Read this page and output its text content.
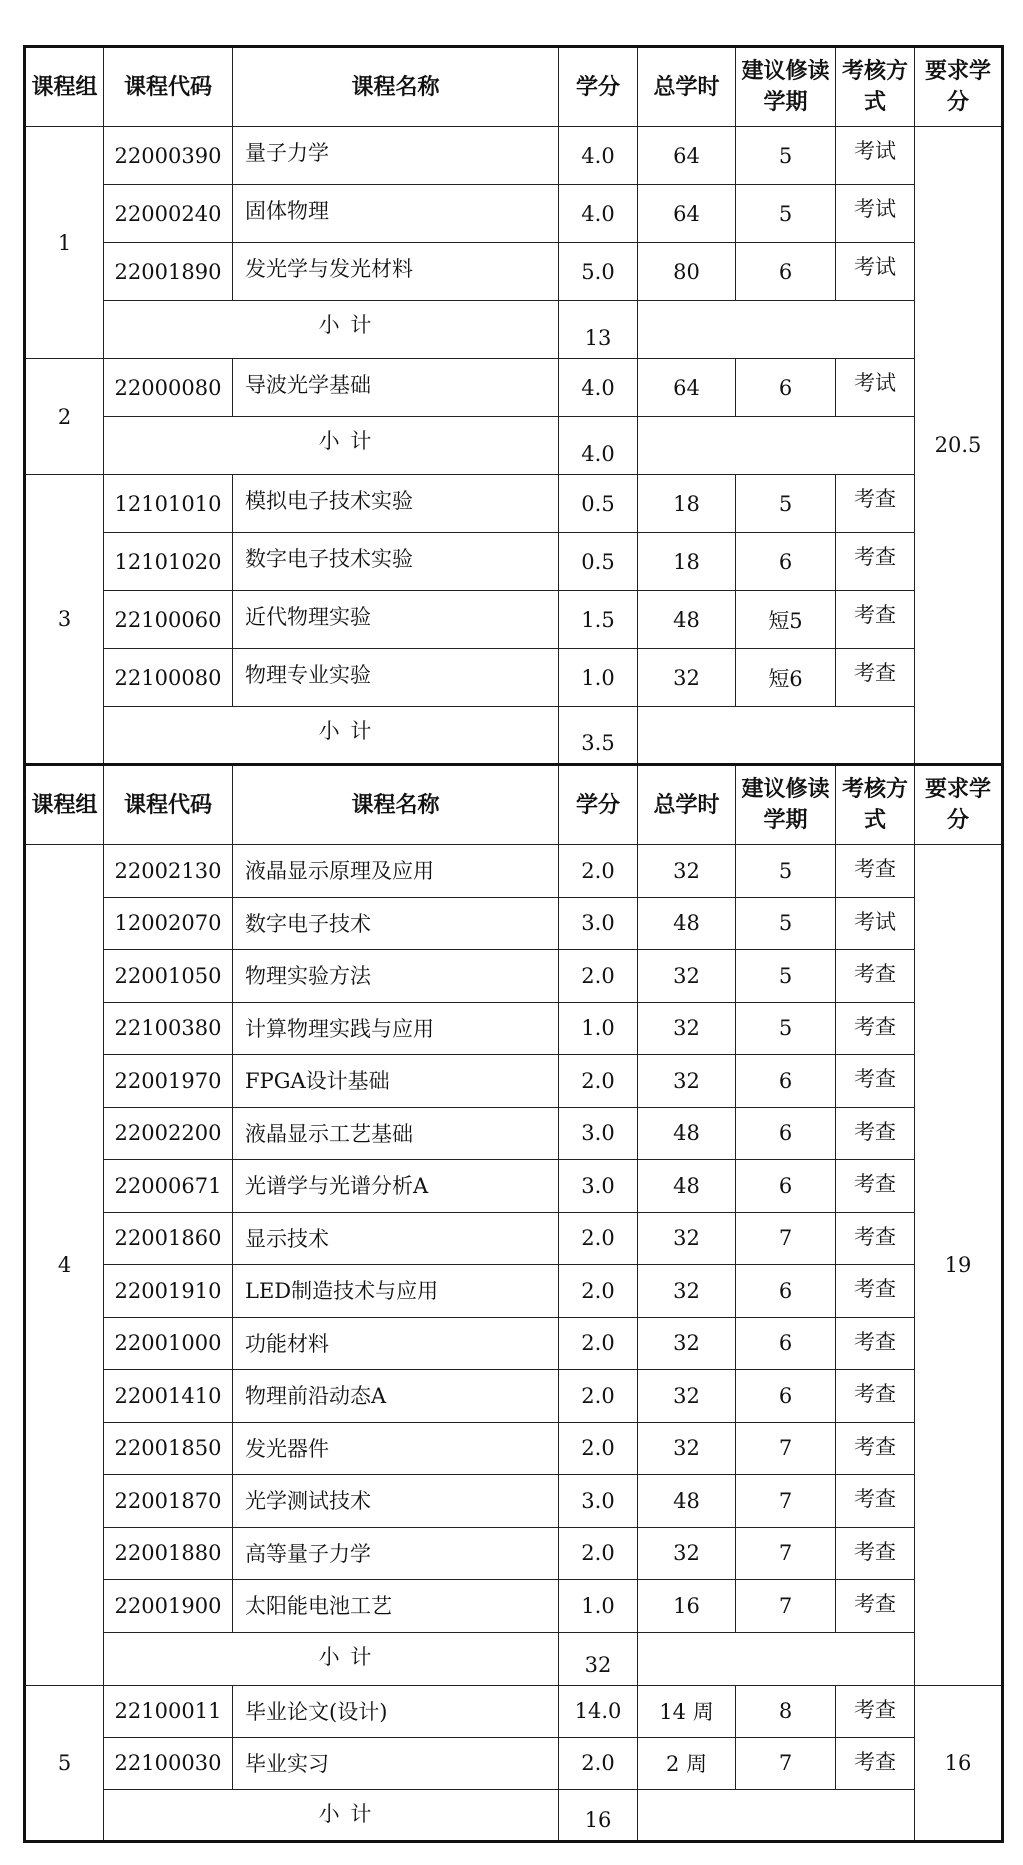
课程组	课程代码	课程名称	学分	总学时	建议修读学期	考核方式	要求学分
1	22000390	量子力学	4.0	64	5	考试	20.5
	22000240	固体物理	4.0	64	5	考试	
	22001890	发光学与发光材料	5.0	80	6	考试	
	小 计		13				
2	22000080	导波光学基础	4.0	64	6	考试	
	小 计		4.0				
3	12101010	模拟电子技术实验	0.5	18	5	考查	
	12101020	数字电子技术实验	0.5	18	6	考查	
	22100060	近代物理实验	1.5	48	短5	考查	
	22100080	物理专业实验	1.0	32	短6	考查	
	小 计		3.5				
课程组	课程代码	课程名称	学分	总学时	建议修读学期	考核方式	要求学分
4	22002130	液晶显示原理及应用	2.0	32	5	考查	19
	12002070	数字电子技术	3.0	48	5	考试	
	22001050	物理实验方法	2.0	32	5	考查	
	22100380	计算物理实践与应用	1.0	32	5	考查	
	22001970	FPGA设计基础	2.0	32	6	考查	
	22002200	液晶显示工艺基础	3.0	48	6	考查	
	22000671	光谱学与光谱分析A	3.0	48	6	考查	
	22001860	显示技术	2.0	32	7	考查	
	22001910	LED制造技术与应用	2.0	32	6	考查	
	22001000	功能材料	2.0	32	6	考查	
	22001410	物理前沿动态A	2.0	32	6	考查	
	22001850	发光器件	2.0	32	7	考查	
	22001870	光学测试技术	3.0	48	7	考查	
	22001880	高等量子力学	2.0	32	7	考查	
	22001900	太阳能电池工艺	1.0	16	7	考查	
	小 计		32				
5	22100011	毕业论文(设计)	14.0	14 周	8	考查	16
	22100030	毕业实习	2.0	2 周	7	考查	
	小 计		16				
